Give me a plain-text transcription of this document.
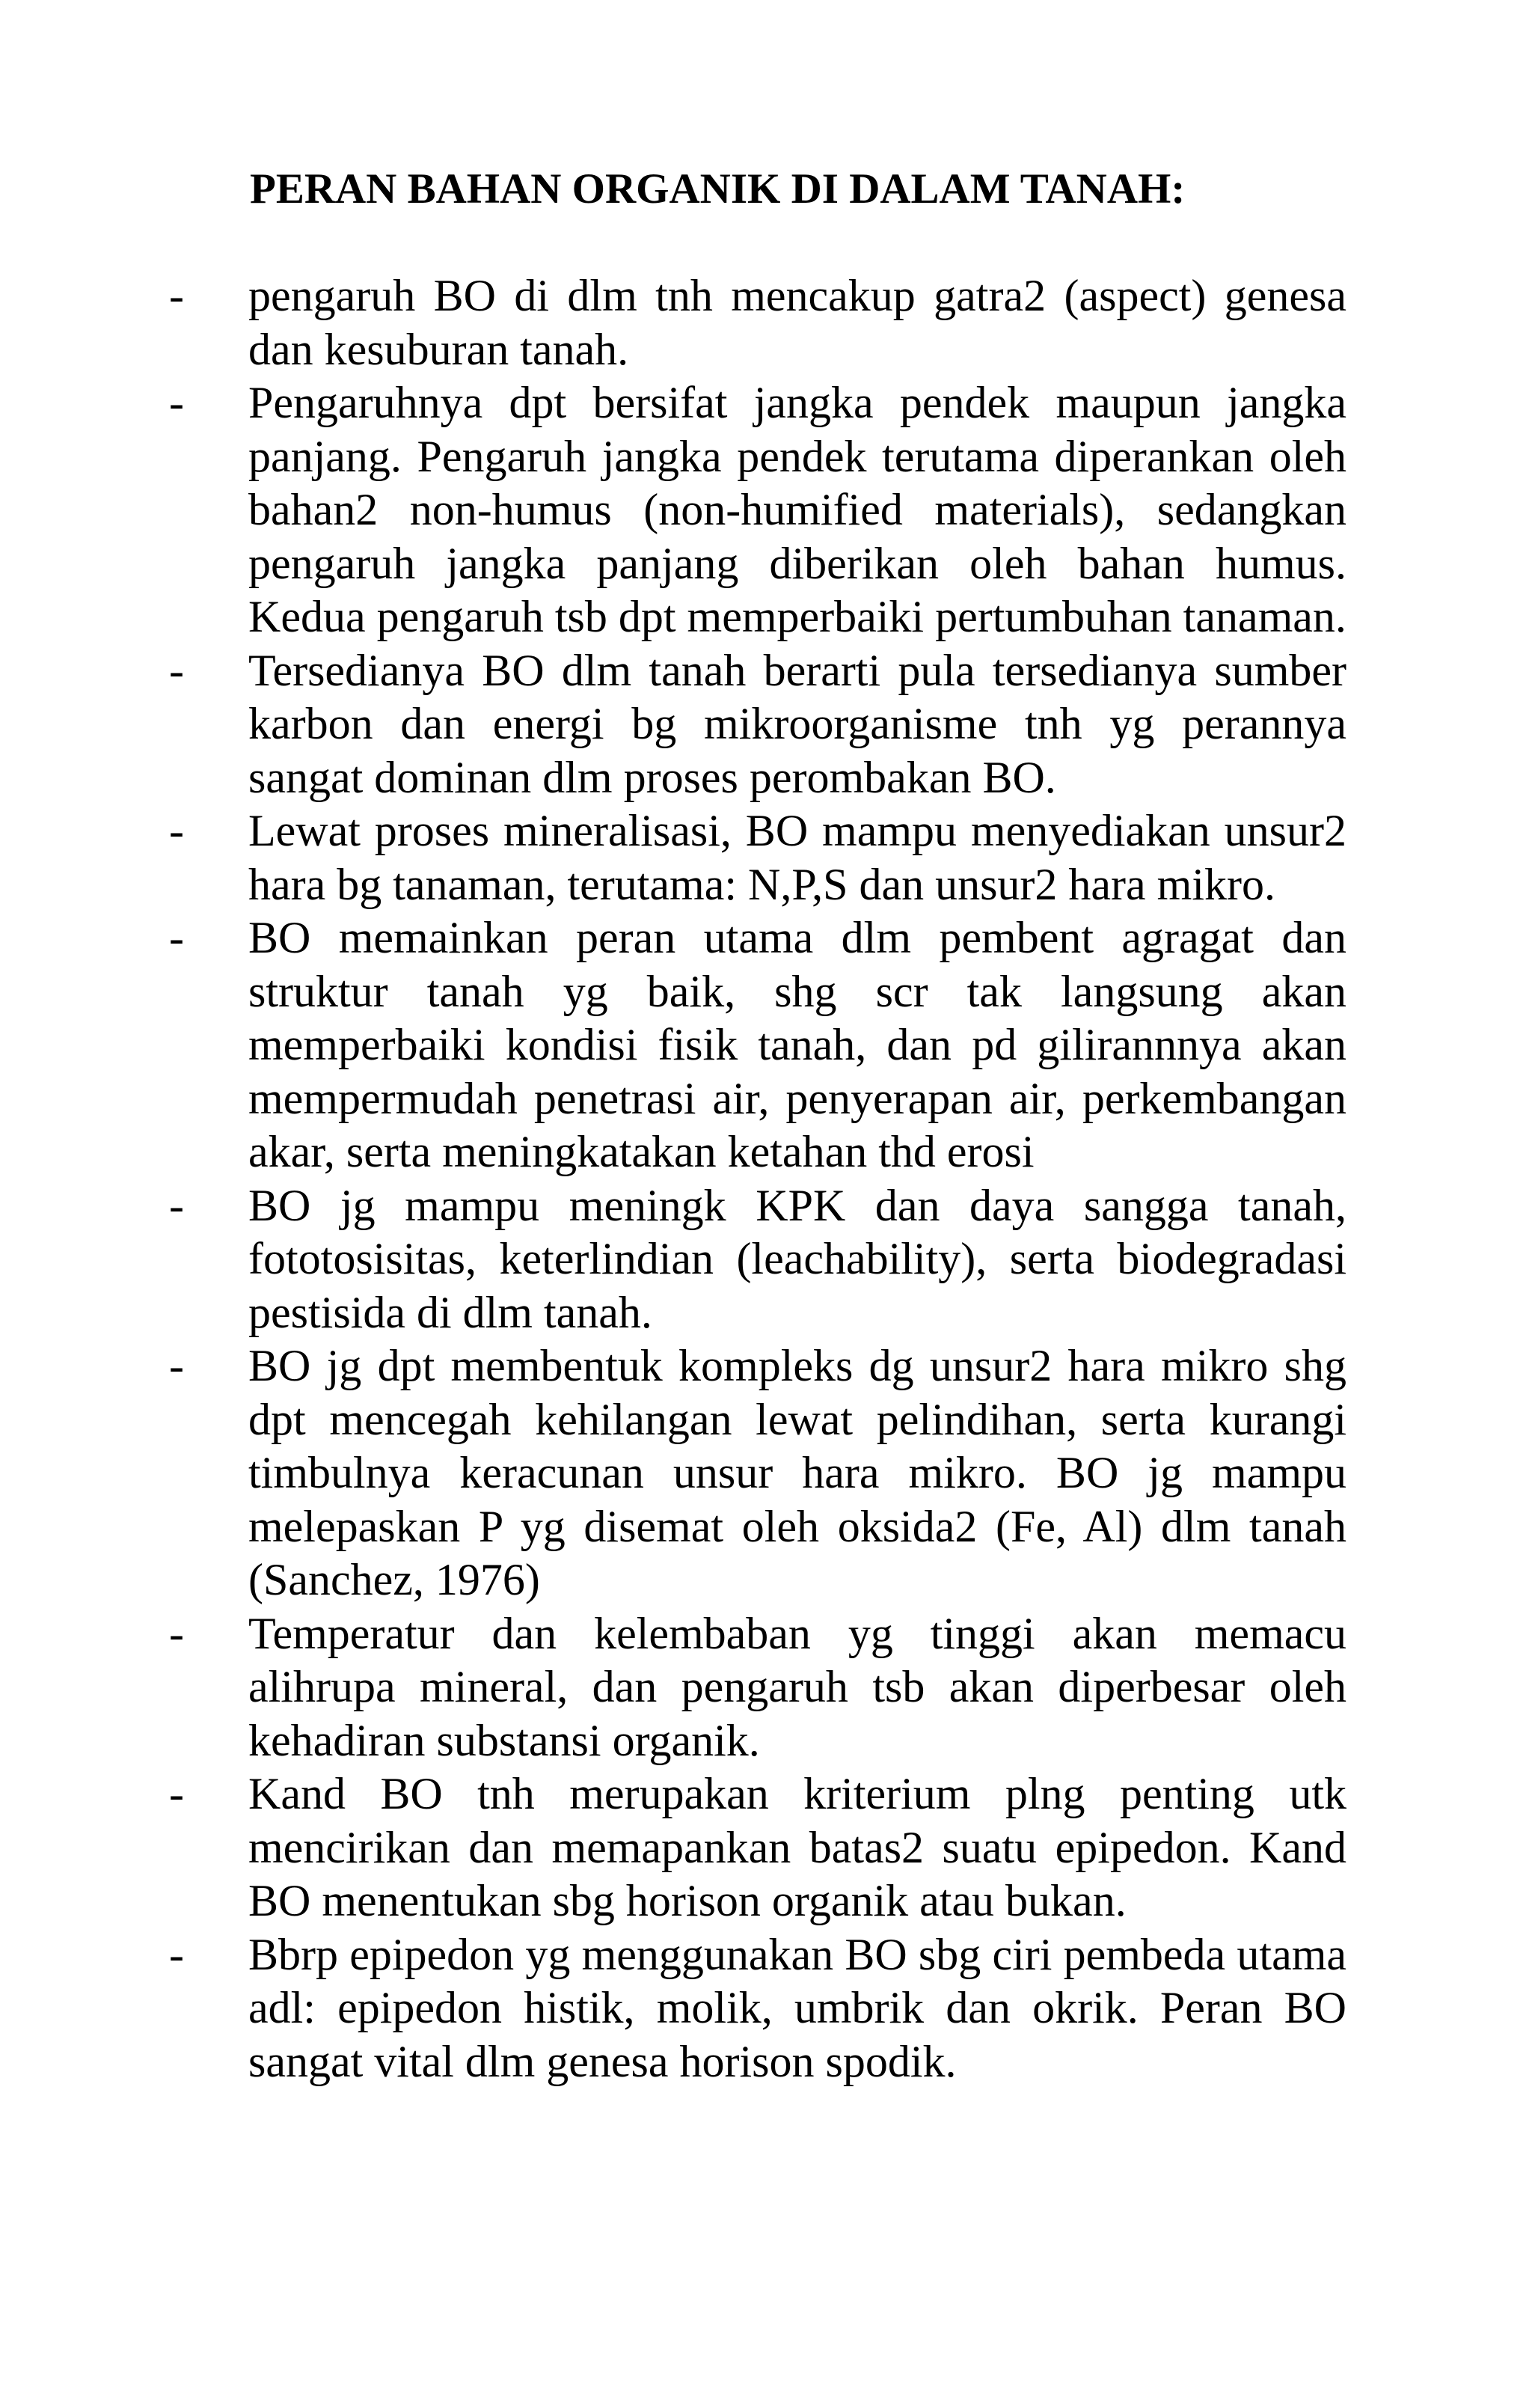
PERAN BAHAN ORGANIK DI DALAM TANAH:
- pengaruh BO di dlm tnh mencakup gatra2 (aspect) genesa dan kesuburan tanah.
- Pengaruhnya dpt bersifat jangka pendek maupun jangka panjang. Pengaruh jangka pendek terutama diperankan oleh bahan2 non-humus (non-humified materials), sedangkan pengaruh jangka panjang diberikan oleh bahan humus. Kedua pengaruh tsb dpt memperbaiki pertumbuhan tanaman.
- Tersedianya BO dlm tanah berarti pula tersedianya sumber karbon dan energi bg mikroorganisme tnh yg perannya sangat dominan dlm proses perombakan BO.
- Lewat proses mineralisasi, BO mampu menyediakan unsur2 hara bg tanaman, terutama: N,P,S dan unsur2 hara mikro.
- BO memainkan peran utama dlm pembent agragat dan struktur tanah yg baik, shg scr tak langsung akan memperbaiki kondisi fisik tanah, dan pd gilirannnya akan mempermudah penetrasi air, penyerapan air, perkembangan akar, serta meningkatakan ketahan thd erosi
- BO jg mampu meningk KPK dan daya sangga tanah, fototosisitas, keterlindian (leachability), serta biodegradasi pestisida di dlm tanah.
- BO jg dpt membentuk kompleks dg unsur2 hara mikro shg dpt mencegah kehilangan lewat pelindihan, serta kurangi timbulnya keracunan unsur hara mikro. BO jg mampu melepaskan P yg disemat oleh oksida2 (Fe, Al) dlm tanah (Sanchez, 1976)
- Temperatur dan kelembaban yg tinggi akan memacu alihrupa mineral, dan pengaruh tsb akan diperbesar oleh kehadiran substansi organik.
- Kand BO tnh merupakan kriterium plng penting utk mencirikan dan memapankan batas2 suatu epipedon. Kand BO menentukan sbg horison organik atau bukan.
- Bbrp epipedon yg menggunakan BO sbg ciri pembeda utama adl: epipedon histik, molik, umbrik dan okrik. Peran BO sangat vital dlm genesa horison spodik.
